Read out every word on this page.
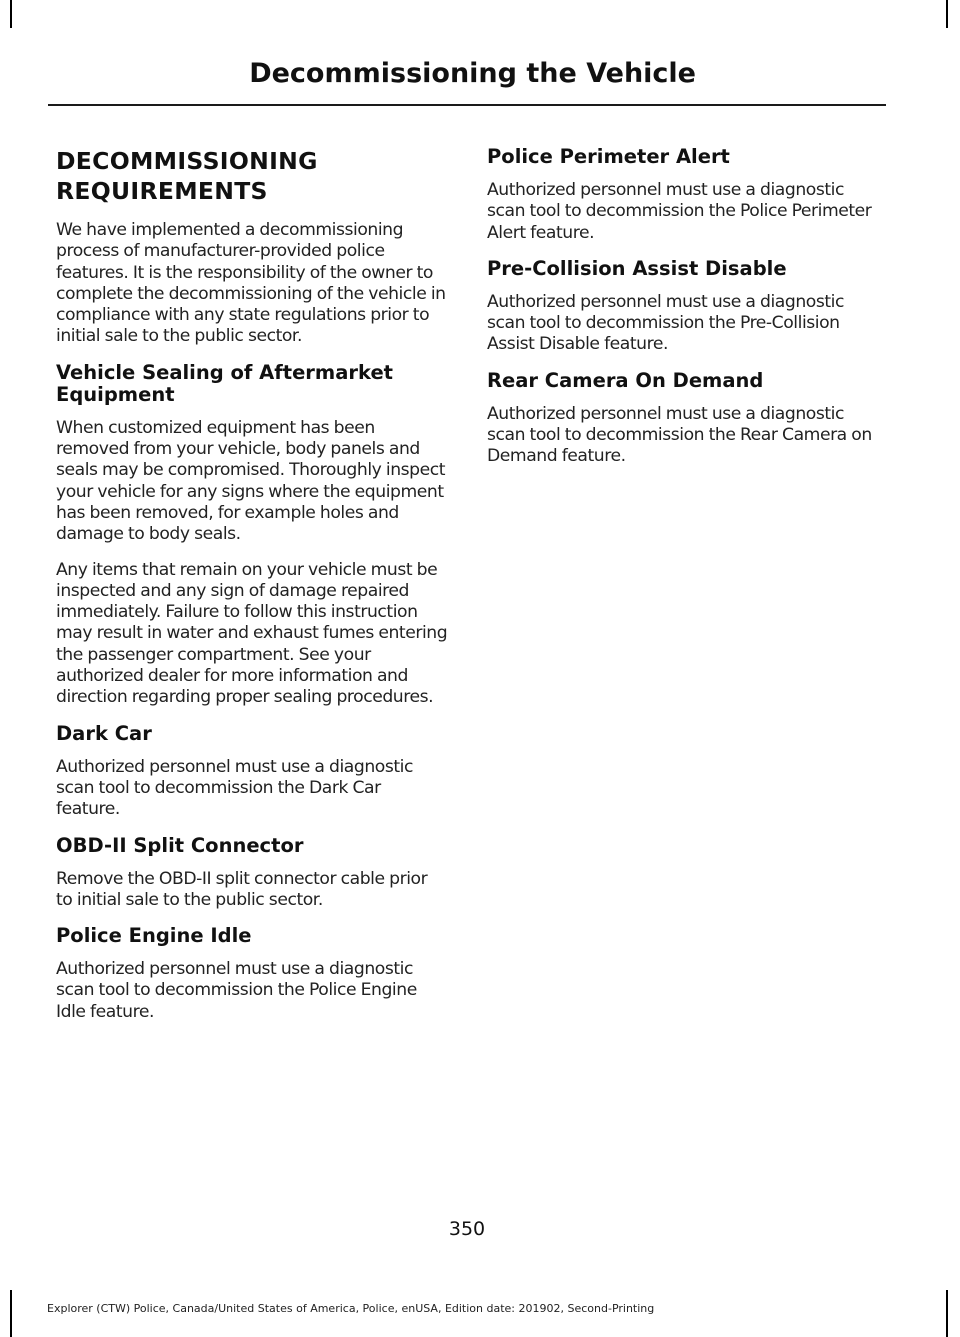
Decommissioning the Vehicle
DECOMMISSIONING REQUIREMENTS

We have implemented a decommissioning process of manufacturer-provided police features. It is the responsibility of the owner to complete the decommissioning of the vehicle in compliance with any state regulations prior to initial sale to the public sector.

Vehicle Sealing of Aftermarket Equipment

When customized equipment has been removed from your vehicle, body panels and seals may be compromised. Thoroughly inspect your vehicle for any signs where the equipment has been removed, for example holes and damage to body seals.

Any items that remain on your vehicle must be inspected and any sign of damage repaired immediately. Failure to follow this instruction may result in water and exhaust fumes entering the passenger compartment. See your authorized dealer for more information and direction regarding proper sealing procedures.

Dark Car

Authorized personnel must use a diagnostic scan tool to decommission the Dark Car feature.

OBD-II Split Connector

Remove the OBD-II split connector cable prior to initial sale to the public sector.

Police Engine Idle

Authorized personnel must use a diagnostic scan tool to decommission the Police Engine Idle feature.

Police Perimeter Alert

Authorized personnel must use a diagnostic scan tool to decommission the Police Perimeter Alert feature.

Pre-Collision Assist Disable

Authorized personnel must use a diagnostic scan tool to decommission the Pre-Collision Assist Disable feature.

Rear Camera On Demand

Authorized personnel must use a diagnostic scan tool to decommission the Rear Camera on Demand feature.

350
Explorer (CTW) Police, Canada/United States of America, Police, enUSA, Edition date: 201902, Second-Printing
